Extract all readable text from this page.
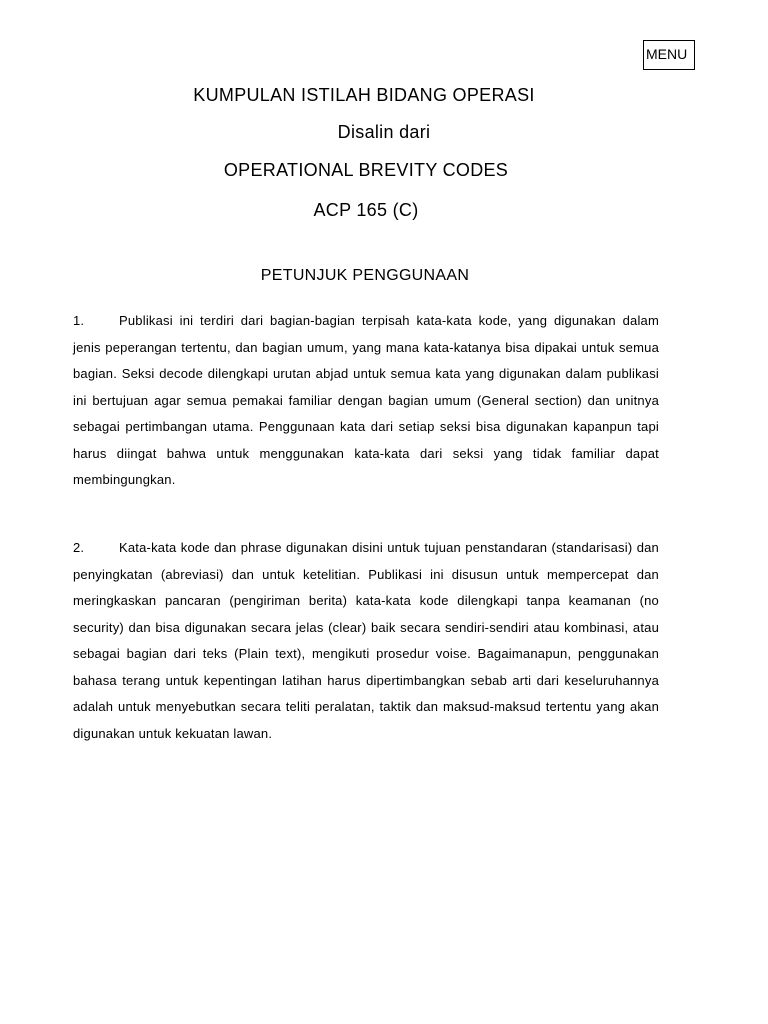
MENU
KUMPULAN ISTILAH BIDANG OPERASI
Disalin dari
OPERATIONAL BREVITY CODES
ACP 165 (C)
PETUNJUK PENGGUNAAN

1.	Publikasi ini terdiri dari bagian-bagian terpisah kata-kata kode, yang digunakan dalam jenis peperangan tertentu, dan bagian umum, yang mana kata-katanya bisa dipakai untuk semua bagian. Seksi decode dilengkapi urutan abjad untuk semua kata yang digunakan dalam publikasi ini bertujuan agar semua pemakai familiar dengan bagian umum (General section) dan unitnya sebagai pertimbangan utama. Penggunaan kata dari setiap seksi bisa digunakan kapanpun tapi harus diingat bahwa untuk menggunakan kata-kata dari seksi yang tidak familiar dapat membingungkan.

2.	Kata-kata kode dan phrase digunakan disini untuk tujuan penstandaran (standarisasi) dan penyingkatan (abreviasi) dan untuk ketelitian. Publikasi ini disusun untuk mempercepat dan meringkaskan pancaran (pengiriman berita) kata-kata kode dilengkapi tanpa keamanan (no security) dan bisa digunakan secara jelas (clear) baik secara sendiri-sendiri atau kombinasi, atau sebagai bagian dari teks (Plain text), mengikuti prosedur voise. Bagaimanapun, penggunakan bahasa terang untuk kepentingan latihan harus dipertimbangkan sebab arti dari keseluruhannya adalah untuk menyebutkan secara teliti peralatan, taktik dan maksud-maksud tertentu yang akan digunakan untuk kekuatan lawan.
